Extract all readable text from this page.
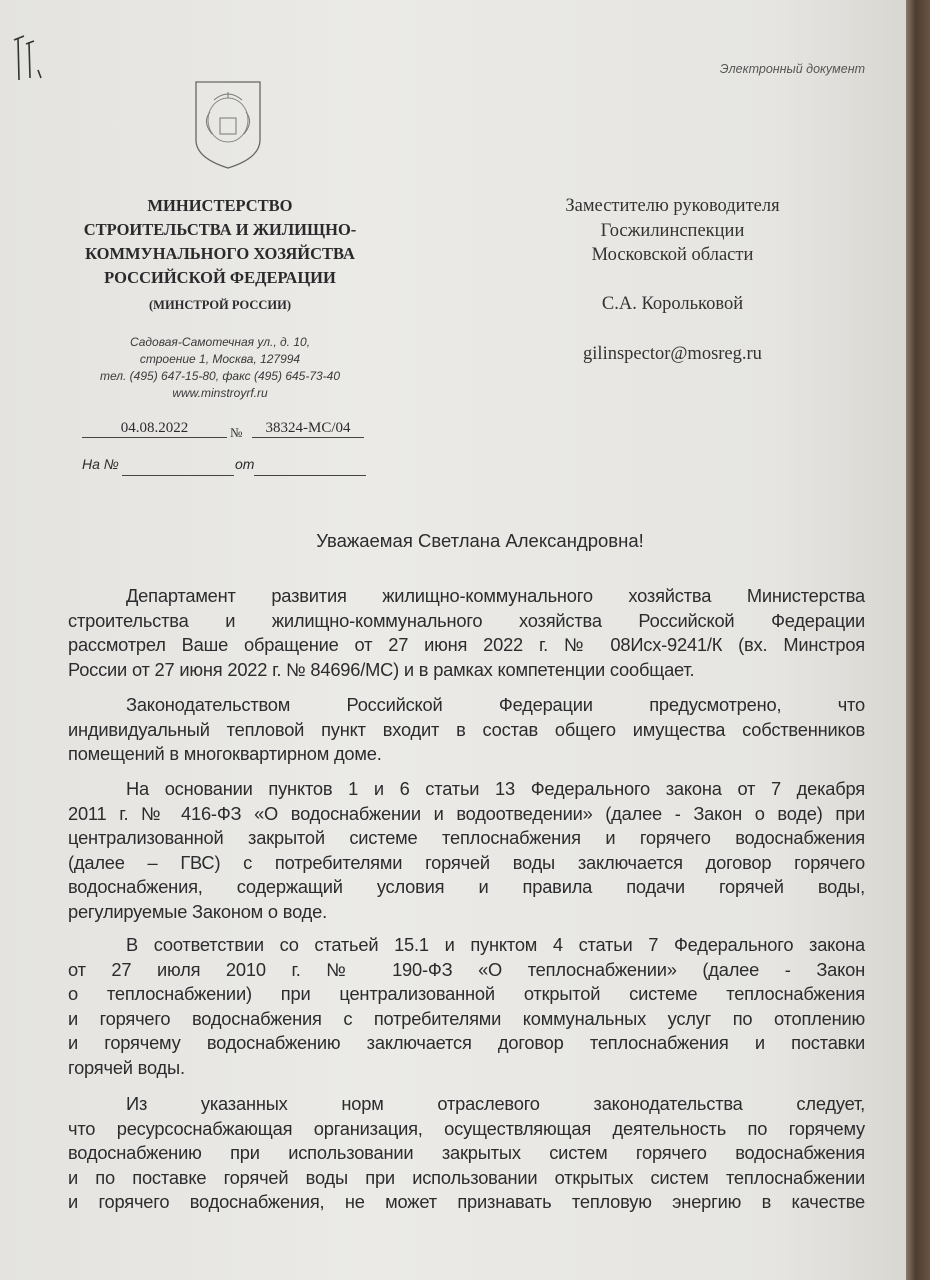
Электронный документ
МИНИСТЕРСТВО
СТРОИТЕЛЬСТВА И ЖИЛИЩНО-
КОММУНАЛЬНОГО ХОЗЯЙСТВА
РОССИЙСКОЙ ФЕДЕРАЦИИ
(МИНСТРОЙ РОССИИ)
Садовая-Самотечная ул., д. 10,
строение 1, Москва, 127994
тел. (495) 647-15-80, факс (495) 645-73-40
www.minstroyrf.ru
04.08.2022	№	38324-МС/04
На №	от
Заместителю руководителя
Госжилинспекции
Московской области
С.А. Корольковой
gilinspector@mosreg.ru
Уважаемая Светлана Александровна!
Департамент развития жилищно-коммунального хозяйства Министерства
строительства и жилищно-коммунального хозяйства Российской Федерации
рассмотрел Ваше обращение от 27 июня 2022 г. № 08Исх-9241/К (вх. Минстроя
России от 27 июня 2022 г. № 84696/МС) и в рамках компетенции сообщает.
Законодательством Российской Федерации предусмотрено, что
индивидуальный тепловой пункт входит в состав общего имущества собственников
помещений в многоквартирном доме.
На основании пунктов 1 и 6 статьи 13 Федерального закона от 7 декабря
2011 г. № 416-ФЗ «О водоснабжении и водоотведении» (далее - Закон о воде) при
централизованной закрытой системе теплоснабжения и горячего водоснабжения
(далее – ГВС) с потребителями горячей воды заключается договор горячего
водоснабжения, содержащий условия и правила подачи горячей воды,
регулируемые Законом о воде.
В соответствии со статьей 15.1 и пунктом 4 статьи 7 Федерального закона
от 27 июля 2010 г. № 190-ФЗ «О теплоснабжении» (далее - Закон
о теплоснабжении) при централизованной открытой системе теплоснабжения
и горячего водоснабжения с потребителями коммунальных услуг по отоплению
и горячему водоснабжению заключается договор теплоснабжения и поставки
горячей воды.
Из указанных норм отраслевого законодательства следует,
что ресурсоснабжающая организация, осуществляющая деятельность по горячему
водоснабжению при использовании закрытых систем горячего водоснабжения
и по поставке горячей воды при использовании открытых систем теплоснабжении
и горячего водоснабжения, не может признавать тепловую энергию в качестве
